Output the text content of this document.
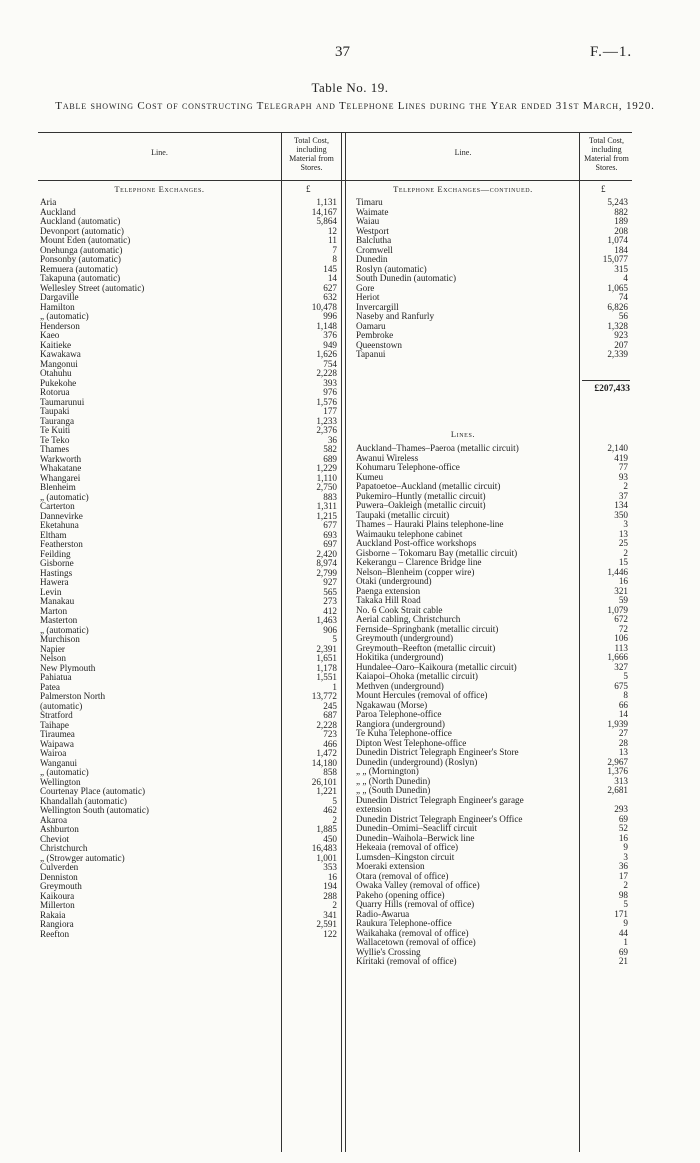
37	F.—1.
Table No. 19.
Table showing Cost of constructing Telegraph and Telephone Lines during the Year ended 31st March, 1920.
Line.
Total Cost, including Material from Stores.
Line.
Total Cost, including Material from Stores.
Telephone Exchanges.	£	Telephone Exchanges—continued.	£
Aria	1,131
Auckland	14,167
Auckland (automatic)	5,864
Devonport (automatic)	12
Mount Eden (automatic)	11
Onehunga (automatic)	7
Ponsonby (automatic)	8
Remuera (automatic)	145
Takapuna (automatic)	14
Wellesley Street (automatic)	627
Dargaville	632
Hamilton	10,478
„ (automatic)	996
Henderson	1,148
Kaeo	376
Kaitieke	949
Kawakawa	1,626
Mangonui	754
Otahuhu	2,228
Pukekohe	393
Rotorua	976
Taumarunui	1,576
Taupaki	177
Tauranga	1,233
Te Kuiti	2,376
Te Teko	36
Thames	582
Warkworth	689
Whakatane	1,229
Whangarei	1,110
Blenheim	2,750
„ (automatic)	883
Carterton	1,311
Dannevirke	1,215
Eketahuna	677
Eltham	693
Featherston	697
Feilding	2,420
Gisborne	8,974
Hastings	2,799
Hawera	927
Levin	565
Manakau	273
Marton	412
Masterton	1,463
„ (automatic)	906
Murchison	5
Napier	2,391
Nelson	1,651
New Plymouth	1,178
Pahiatua	1,551
Patea	1
Palmerston North	13,772
(automatic)	245
Stratford	687
Taihape	2,228
Tiraumea	723
Waipawa	466
Wairoa	1,472
Wanganui	14,180
„ (automatic)	858
Wellington	26,101
Courtenay Place (automatic)	1,221
Khandallah (automatic)	5
Wellington South (automatic)	462
Akaroa	2
Ashburton	1,885
Cheviot	450
Christchurch	16,483
„ (Strowger automatic)	1,001
Culverden	353
Denniston	16
Greymouth	194
Kaikoura	288
Millerton	2
Rakaia	341
Rangiora	2,591
Reefton	122
Timaru	5,243
Waimate	882
Waiau	189
Westport	208
Balclutha	1,074
Cromwell	184
Dunedin	15,077
Roslyn (automatic)	315
South Dunedin (automatic)	4
Gore	1,065
Heriot	74
Invercargill	6,826
Naseby and Ranfurly	56
Oamaru	1,328
Pembroke	923
Queenstown	207
Tapanui	2,339
£207,433
Lines.
Auckland–Thames–Paeroa (metallic circuit)	2,140
Awanui Wireless	419
Kohumaru Telephone-office	77
Kumeu	93
Papatoetoe–Auckland (metallic circuit)	2
Pukemiro–Huntly (metallic circuit)	37
Puwera–Oakleigh (metallic circuit)	134
Taupaki (metallic circuit)	350
Thames – Hauraki Plains telephone-line	3
Waimauku telephone cabinet	13
Auckland Post-office workshops	25
Gisborne – Tokomaru Bay (metallic circuit)	2
Kekerangu – Clarence Bridge line	15
Nelson–Blenheim (copper wire)	1,446
Otaki (underground)	16
Paenga extension	321
Takaka Hill Road	59
No. 6 Cook Strait cable	1,079
Aerial cabling, Christchurch	672
Fernside–Springbank (metallic circuit)	72
Greymouth (underground)	106
Greymouth–Reefton (metallic circuit)	113
Hokitika (underground)	1,666
Hundalee–Oaro–Kaikoura (metallic circuit)	327
Kaiapoi–Ohoka (metallic circuit)	5
Methven (underground)	675
Mount Hercules (removal of office)	8
Ngakawau (Morse)	66
Paroa Telephone-office	14
Rangiora (underground)	1,939
Te Kuha Telephone-office	27
Dipton West Telephone-office	28
Dunedin District Telegraph Engineer's Store	13
Dunedin (underground) (Roslyn)	2,967
„ „ (Mornington)	1,376
„ „ (North Dunedin)	313
„ „ (South Dunedin)	2,681
Dunedin District Telegraph Engineer's garage
extension	293
Dunedin District Telegraph Engineer's Office	69
Dunedin–Omimi–Seacliff circuit	52
Dunedin–Waihola–Berwick line	16
Hekeaia (removal of office)	9
Lumsden–Kingston circuit	3
Moeraki extension	36
Otara (removal of office)	17
Owaka Valley (removal of office)	2
Pakeho (opening office)	98
Quarry Hills (removal of office)	5
Radio-Awarua	171
Raukura Telephone-office	9
Waikahaka (removal of office)	44
Wallacetown (removal of office)	1
Wyllie's Crossing	69
Kiritaki (removal of office)	21
